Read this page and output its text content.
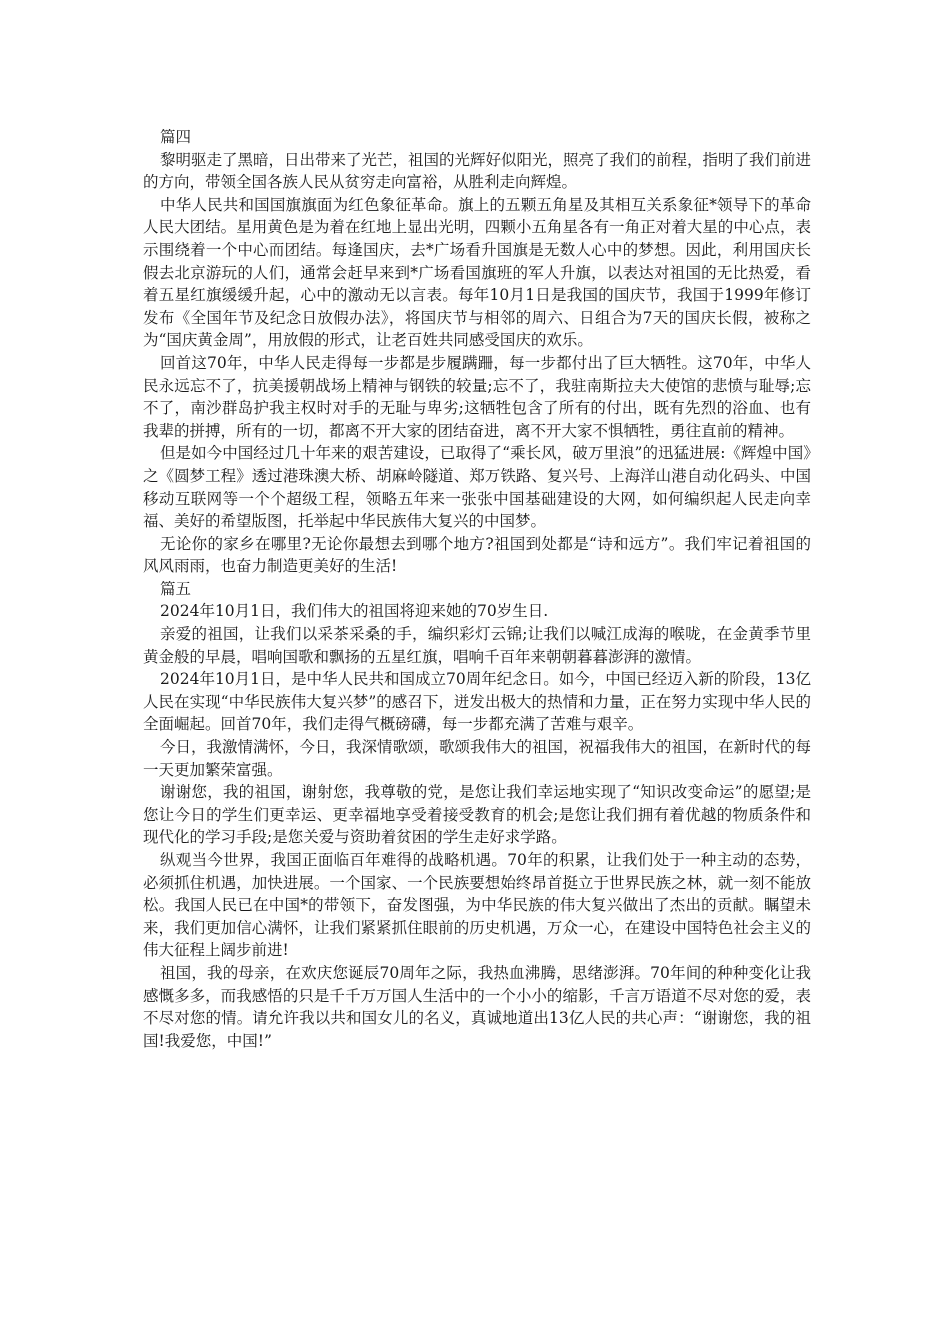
篇四

黎明驱走了黑暗，日出带来了光芒，祖国的光辉好似阳光，照亮了我们的前程，指明了我们前进的方向，带领全国各族人民从贫穷走向富裕，从胜利走向辉煌。

中华人民共和国国旗旗面为红色象征革命。旗上的五颗五角星及其相互关系象征*领导下的革命人民大团结。星用黄色是为着在红地上显出光明，四颗小五角星各有一角正对着大星的中心点，表示围绕着一个中心而团结。每逢国庆，去*广场看升国旗是无数人心中的梦想。因此，利用国庆长假去北京游玩的人们，通常会赶早来到*广场看国旗班的军人升旗，以表达对祖国的无比热爱，看着五星红旗缓缓升起，心中的激动无以言表。每年10月1日是我国的国庆节，我国于1999年修订发布《全国年节及纪念日放假办法》，将国庆节与相邻的周六、日组合为7天的国庆长假，被称之为“国庆黄金周”，用放假的形式，让老百姓共同感受国庆的欢乐。

回首这70年，中华人民走得每一步都是步履蹒跚，每一步都付出了巨大牺牲。这70年，中华人民永远忘不了，抗美援朝战场上精神与钢铁的较量;忘不了，我驻南斯拉夫大使馆的悲愤与耻辱;忘不了，南沙群岛护我主权时对手的无耻与卑劣;这牺牲包含了所有的付出，既有先烈的浴血、也有我辈的拼搏，所有的一切，都离不开大家的团结奋进，离不开大家不惧牺牲，勇往直前的精神。

但是如今中国经过几十年来的艰苦建设，已取得了“乘长风，破万里浪”的迅猛进展:《辉煌中国》之《圆梦工程》透过港珠澳大桥、胡麻岭隧道、郑万铁路、复兴号、上海洋山港自动化码头、中国移动互联网等一个个超级工程，领略五年来一张张中国基础建设的大网，如何编织起人民走向幸福、美好的希望版图，托举起中华民族伟大复兴的中国梦。

无论你的家乡在哪里?无论你最想去到哪个地方?祖国到处都是“诗和远方”。我们牢记着祖国的风风雨雨，也奋力制造更美好的生活!

篇五

2024年10月1日，我们伟大的祖国将迎来她的70岁生日.

亲爱的祖国，让我们以采茶采桑的手，编织彩灯云锦;让我们以喊江成海的喉咙，在金黄季节里黄金般的早晨，唱响国歌和飘扬的五星红旗，唱响千百年来朝朝暮暮澎湃的激情。

2024年10月1日，是中华人民共和国成立70周年纪念日。如今，中国已经迈入新的阶段，13亿人民在实现“中华民族伟大复兴梦”的感召下，迸发出极大的热情和力量，正在努力实现中华人民的全面崛起。回首70年，我们走得气概磅礴，每一步都充满了苦难与艰辛。

今日，我激情满怀，今日，我深情歌颂，歌颂我伟大的祖国，祝福我伟大的祖国，在新时代的每一天更加繁荣富强。

谢谢您，我的祖国，谢射您，我尊敬的党，是您让我们幸运地实现了“知识改变命运”的愿望;是您让今日的学生们更幸运、更幸福地享受着接受教育的机会;是您让我们拥有着优越的物质条件和现代化的学习手段;是您关爱与资助着贫困的学生走好求学路。

纵观当今世界，我国正面临百年难得的战略机遇。70年的积累，让我们处于一种主动的态势，必须抓住机遇，加快进展。一个国家、一个民族要想始终昂首挺立于世界民族之林，就一刻不能放松。我国人民已在中国*的带领下，奋发图强，为中华民族的伟大复兴做出了杰出的贡献。瞩望未来，我们更加信心满怀，让我们紧紧抓住眼前的历史机遇，万众一心，在建设中国特色社会主义的伟大征程上阔步前进!

祖国，我的母亲，在欢庆您诞辰70周年之际，我热血沸腾，思绪澎湃。70年间的种种变化让我感慨多多，而我感悟的只是千千万万国人生活中的一个小小的缩影，千言万语道不尽对您的爱，表不尽对您的情。请允许我以共和国女儿的名义，真诚地道出13亿人民的共心声：“谢谢您，我的祖国!我爱您，中国!”
